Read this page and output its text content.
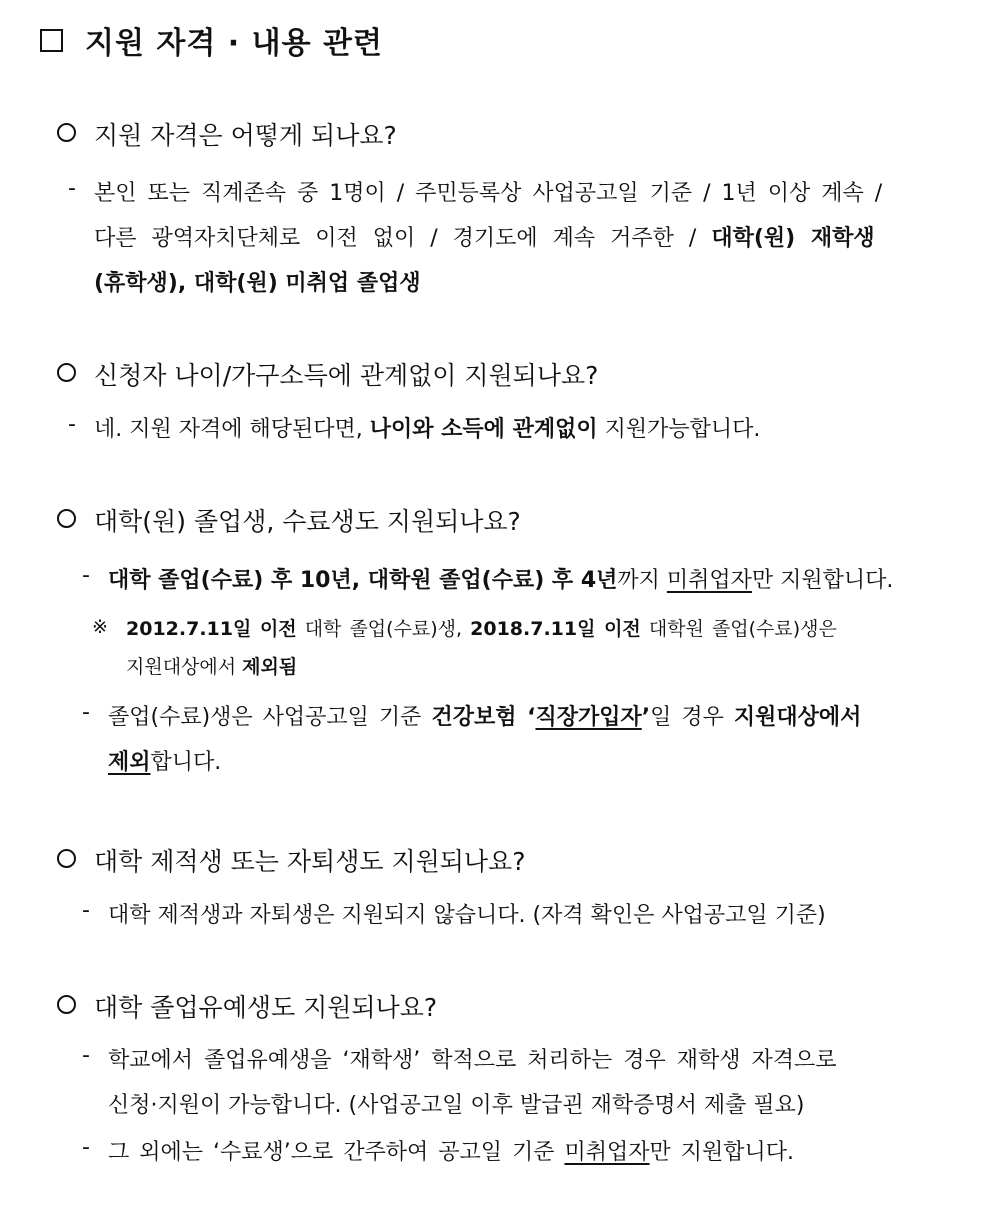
지원 자격 · 내용 관련
지원 자격은 어떻게 되나요?
- 본인 또는 직계존속 중 1명이 / 주민등록상 사업공고일 기준 / 1년 이상 계속 /
다른 광역자치단체로 이전 없이 / 경기도에 계속 거주한 / 대학(원) 재학생
(휴학생), 대학(원) 미취업 졸업생
신청자 나이/가구소득에 관계없이 지원되나요?
- 네. 지원 자격에 해당된다면, 나이와 소득에 관계없이 지원가능합니다.
대학(원) 졸업생, 수료생도 지원되나요?
- 대학 졸업(수료) 후 10년, 대학원 졸업(수료) 후 4년까지 미취업자만 지원합니다.
※ 2012.7.11일 이전 대학 졸업(수료)생, 2018.7.11일 이전 대학원 졸업(수료)생은
지원대상에서 제외됨
- 졸업(수료)생은 사업공고일 기준 건강보험 ‘직장가입자’일 경우 지원대상에서
제외합니다.
대학 제적생 또는 자퇴생도 지원되나요?
- 대학 제적생과 자퇴생은 지원되지 않습니다. (자격 확인은 사업공고일 기준)
대학 졸업유예생도 지원되나요?
- 학교에서 졸업유예생을 ‘재학생’ 학적으로 처리하는 경우 재학생 자격으로
신청·지원이 가능합니다. (사업공고일 이후 발급괸 재학증명서 제출 필요)
- 그 외에는 ‘수료생’으로 간주하여 공고일 기준 미취업자만 지원합니다.
